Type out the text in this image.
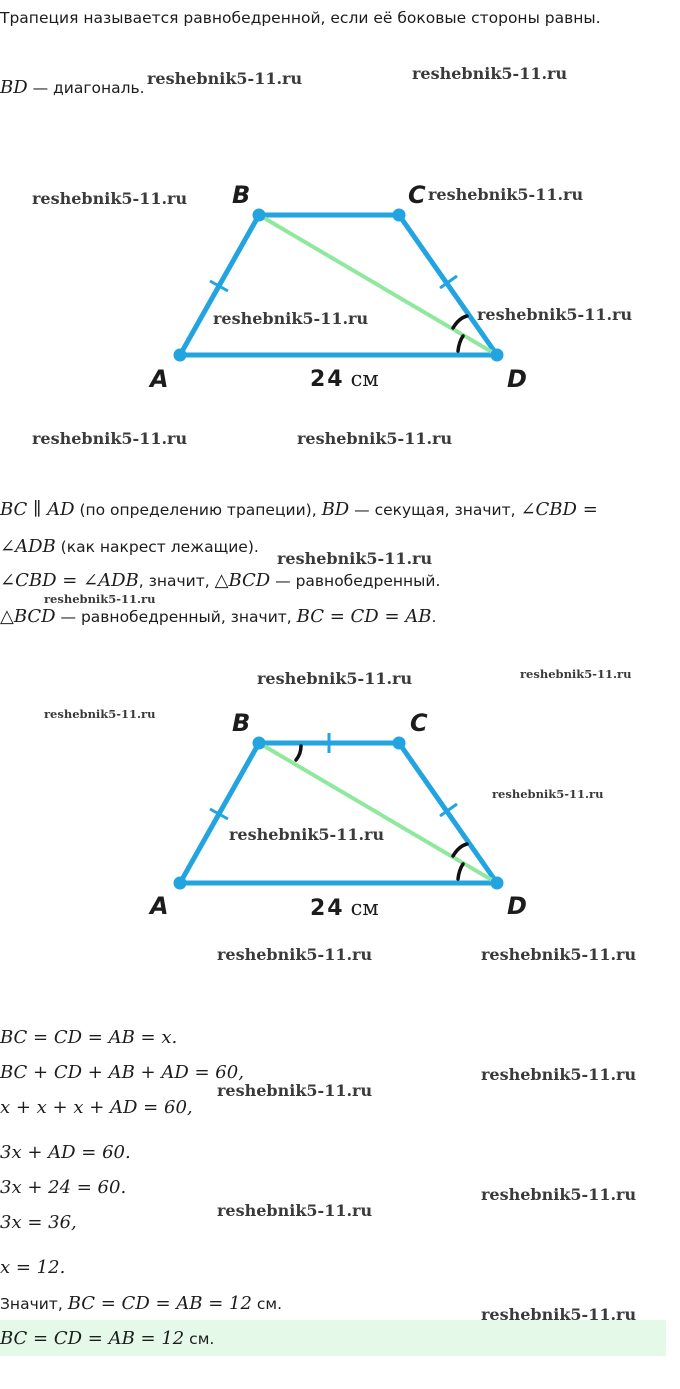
Трапеция называется равнобедренной, если её боковые стороны равны.
BD — диагональ.
A
B	C
D
24 см
BC ∥ AD (по определению трапеции), BD — секущая, значит, ∠CBD =
∠ADB (как накрест лежащие).
∠CBD = ∠ADB, значит, △BCD — равнобедренный.
△BCD — равнобедренный, значит, BC = CD = AB.
A
B	C
D
24 см
BC = CD = AB = x.
BC + CD + AB + AD = 60,
x + x + x + AD = 60,
3x + AD = 60.
3x + 24 = 60.
3x = 36,
x = 12.
Значит, BC = CD = AB = 12 см.
BC = CD = AB = 12 см.
reshebnik5-11.ru	reshebnik5-11.ru
reshebnik5-11.ru	reshebnik5-11.ru
reshebnik5-11.ru	reshebnik5-11.ru
reshebnik5-11.ru	reshebnik5-11.ru
reshebnik5-11.ru
reshebnik5-11.ru
reshebnik5-11.ru	reshebnik5-11.ru
reshebnik5-11.ru
reshebnik5-11.ru
reshebnik5-11.ru
reshebnik5-11.ru	reshebnik5-11.ru
reshebnik5-11.ru
reshebnik5-11.ru
reshebnik5-11.ru
reshebnik5-11.ru
reshebnik5-11.ru
